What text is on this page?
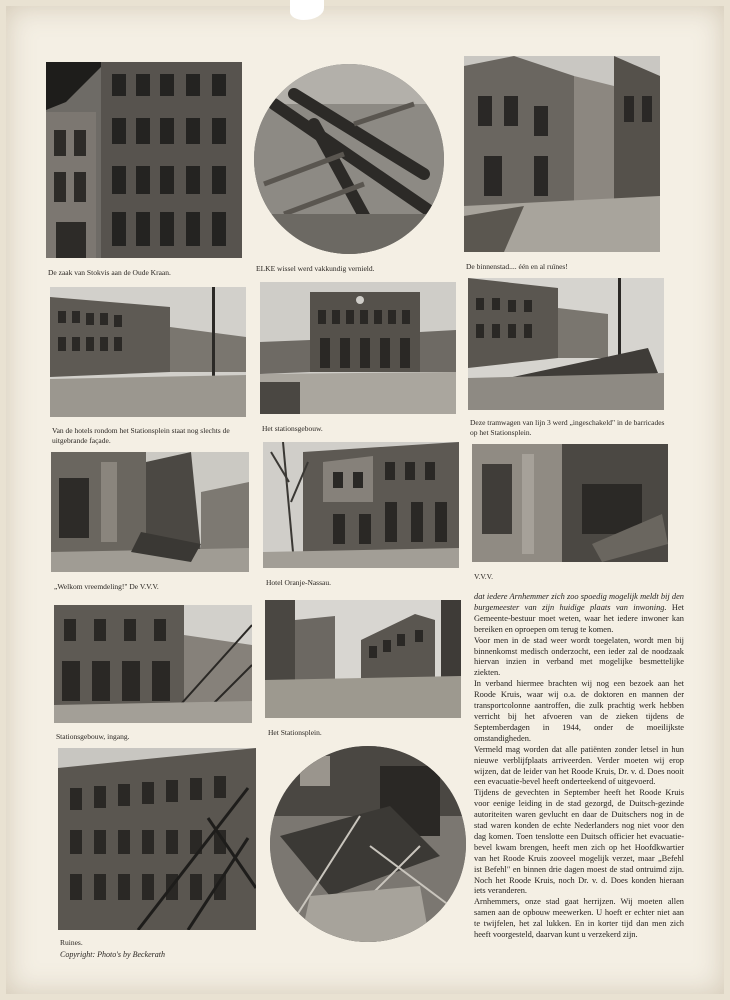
De zaak van Stokvis aan de Oude Kraan.	ELKE wissel werd vakkundig vernield.	De binnenstad.... één en al ruïnes!
Van de hotels rondom het Stationsplein staat nog slechts de uitgebrande façade.
Het stationsgebouw.
Deze tramwagen van lijn 3 werd „ingeschakeld" in de barricades op het Stationsplein.
„Welkom vreemdeling!" De V.V.V.	Hotel Oranje-Nassau.
V.V.V.
Stationsgebouw, ingang.	Het Stationsplein.
Ruines.
Copyright: Photo's by Beckerath

dat iedere Arnhemmer zich zoo spoedig mogelijk meldt bij den burgemeester van zijn huidige plaats van inwoning. Het Gemeente-bestuur moet weten, waar het iedere inwoner kan bereiken en oproepen om terug te komen.

Voor men in de stad weer wordt toegelaten, wordt men bij binnenkomst medisch onderzocht, een ieder zal de noodzaak hiervan inzien in verband met mogelijke besmettelijke ziekten.

In verband hiermee brachten wij nog een bezoek aan het Roode Kruis, waar wij o.a. de doktoren en mannen der transportcolonne aantroffen, die zulk prachtig werk hebben verricht bij het afvoeren van de zieken tijdens de Septemberdagen in 1944, onder de moeilijkste omstandigheden.

Vermeld mag worden dat alle patiënten zonder letsel in hun nieuwe verblijfplaats arriveerden. Verder moeten wij erop wijzen, dat de leider van het Roode Kruis, Dr. v. d. Does nooit een evacuatie-bevel heeft onderteekend of uitgevoerd.

Tijdens de gevechten in September heeft het Roode Kruis voor eenige leiding in de stad gezorgd, de Duitsch-gezinde autoriteiten waren gevlucht en daar de Duitschers nog in de stad waren konden de echte Nederlanders nog niet voor den dag komen. Toen tenslotte een Duitsch officier het evacuatie-bevel kwam brengen, heeft men zich op het Hoofdkwartier van het Roode Kruis zooveel mogelijk verzet, maar „Befehl ist Befehl" en binnen drie dagen moest de stad ontruimd zijn. Noch het Roode Kruis, noch Dr. v. d. Does konden hieraan iets veranderen.

Arnhemmers, onze stad gaat herrijzen. Wij moeten allen samen aan de opbouw meewerken. U hoeft er echter niet aan te twijfelen, het zal lukken. En in korter tijd dan men zich heeft voorgesteld, daarvan kunt u verzekerd zijn.
